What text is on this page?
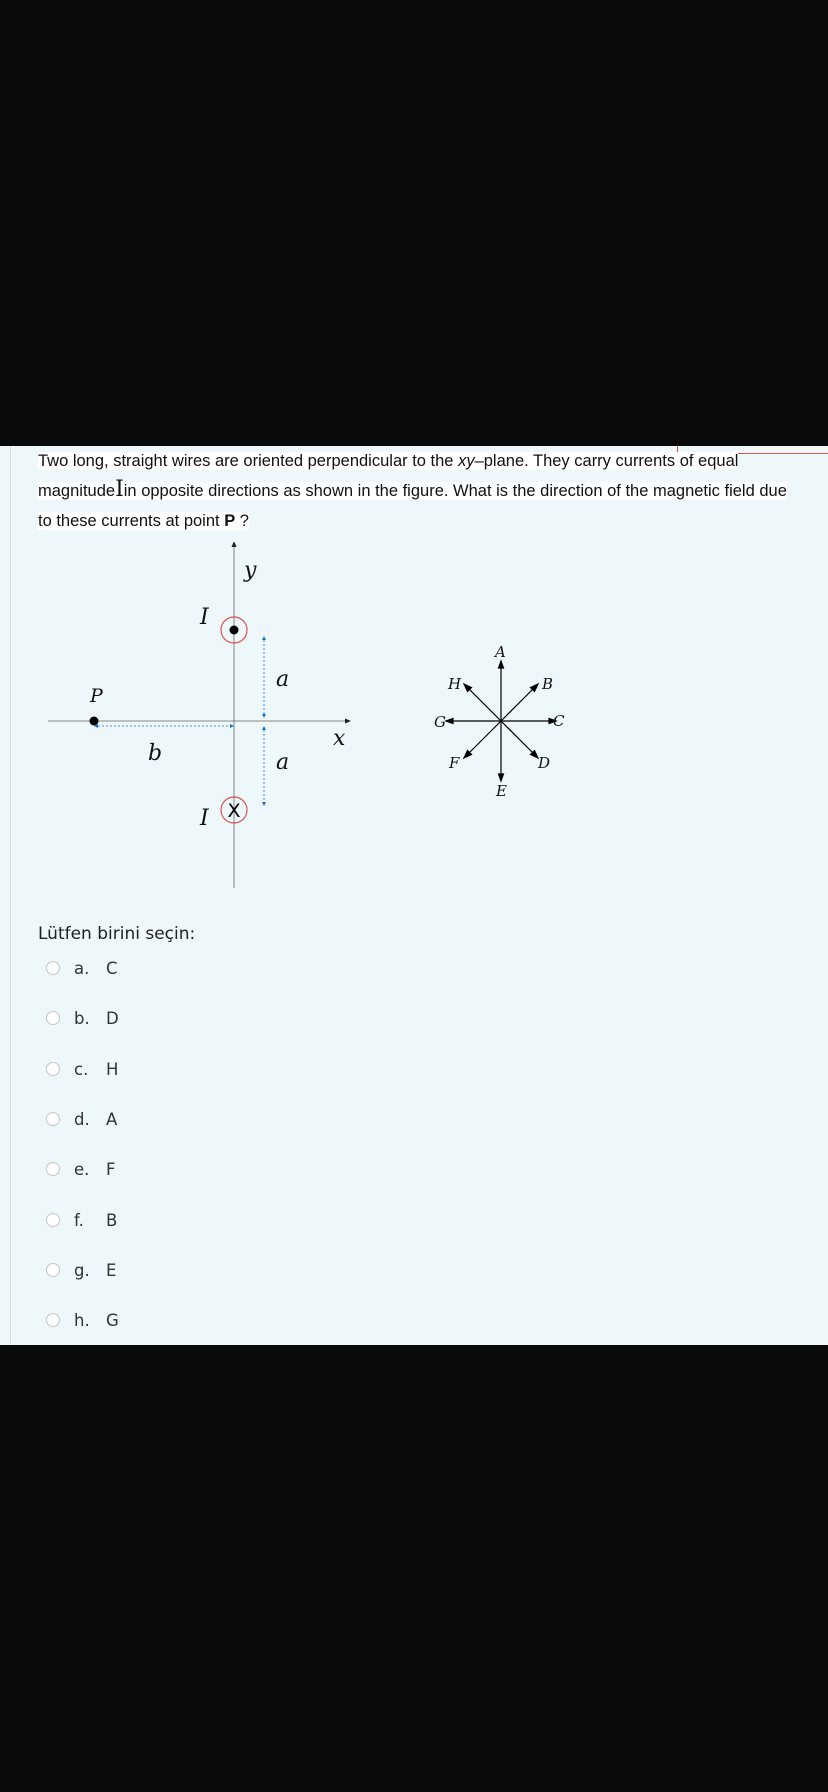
Two long, straight wires are oriented perpendicular to the xy–plane. They carry currents of equal
magnitudeIin opposite directions as shown in the figure. What is the direction of the magnetic field due
to these currents at point P ?
X
y
x
I
I
a
a
b
P
A
B
C
D
E
F
G
H
Lütfen birini seçin:
a.	C
b. D
c.	H
d. A
e.	F
f.	B
g. E
h. G
